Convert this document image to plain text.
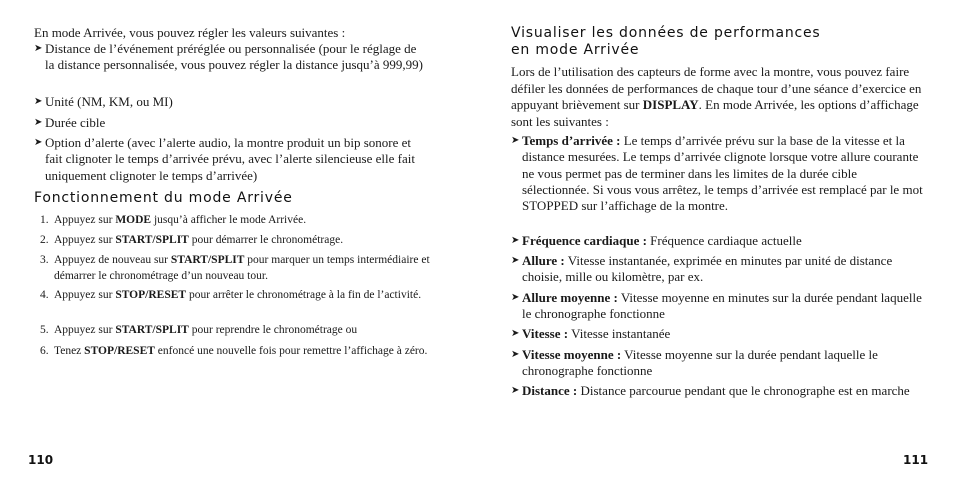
En mode Arrivée, vous pouvez régler les valeurs suivantes :

➤ Distance de l’événement préréglée ou personnalisée (pour le réglage de la distance personnalisée, vous pouvez régler la distance jusqu’à 999,99)

➤ Unité (NM, KM, ou MI)

➤ Durée cible

➤ Option d’alerte (avec l’alerte audio, la montre produit un bip sonore et fait clignoter le temps d’arrivée prévu, avec l’alerte silencieuse elle fait uniquement clignoter le temps d’arrivée)

Fonctionnement du mode Arrivée

1. Appuyez sur MODE jusqu’à afficher le mode Arrivée.

2. Appuyez sur START/SPLIT pour démarrer le chronométrage.

3. Appuyez de nouveau sur START/SPLIT pour marquer un temps intermédiaire et démarrer le chronométrage d’un nouveau tour.

4. Appuyez sur STOP/RESET pour arrêter le chronométrage à la fin de l’activité.

5. Appuyez sur START/SPLIT pour reprendre le chronométrage ou

6. Tenez STOP/RESET enfoncé une nouvelle fois pour remettre l’affichage à zéro.

110
Visualiser les données de performances
en mode Arrivée

Lors de l’utilisation des capteurs de forme avec la montre, vous pouvez faire défiler les données de performances de chaque tour d’une séance d’exercice en appuyant brièvement sur DISPLAY. En mode Arrivée, les options d’affichage sont les suivantes :

➤ Temps d’arrivée : Le temps d’arrivée prévu sur la base de la vitesse et la distance mesurées. Le temps d’arrivée clignote lorsque votre allure courante ne vous permet pas de terminer dans les limites de la durée cible sélectionnée. Si vous vous arrêtez, le temps d’arrivée est remplacé par le mot STOPPED sur l’affichage de la montre.

➤ Fréquence cardiaque : Fréquence cardiaque actuelle

➤ Allure : Vitesse instantanée, exprimée en minutes par unité de distance choisie, mille ou kilomètre, par ex.

➤ Allure moyenne : Vitesse moyenne en minutes sur la durée pendant laquelle le chronographe fonctionne

➤ Vitesse : Vitesse instantanée

➤ Vitesse moyenne : Vitesse moyenne sur la durée pendant laquelle le chronographe fonctionne

➤ Distance : Distance parcourue pendant que le chronographe est en marche

111
